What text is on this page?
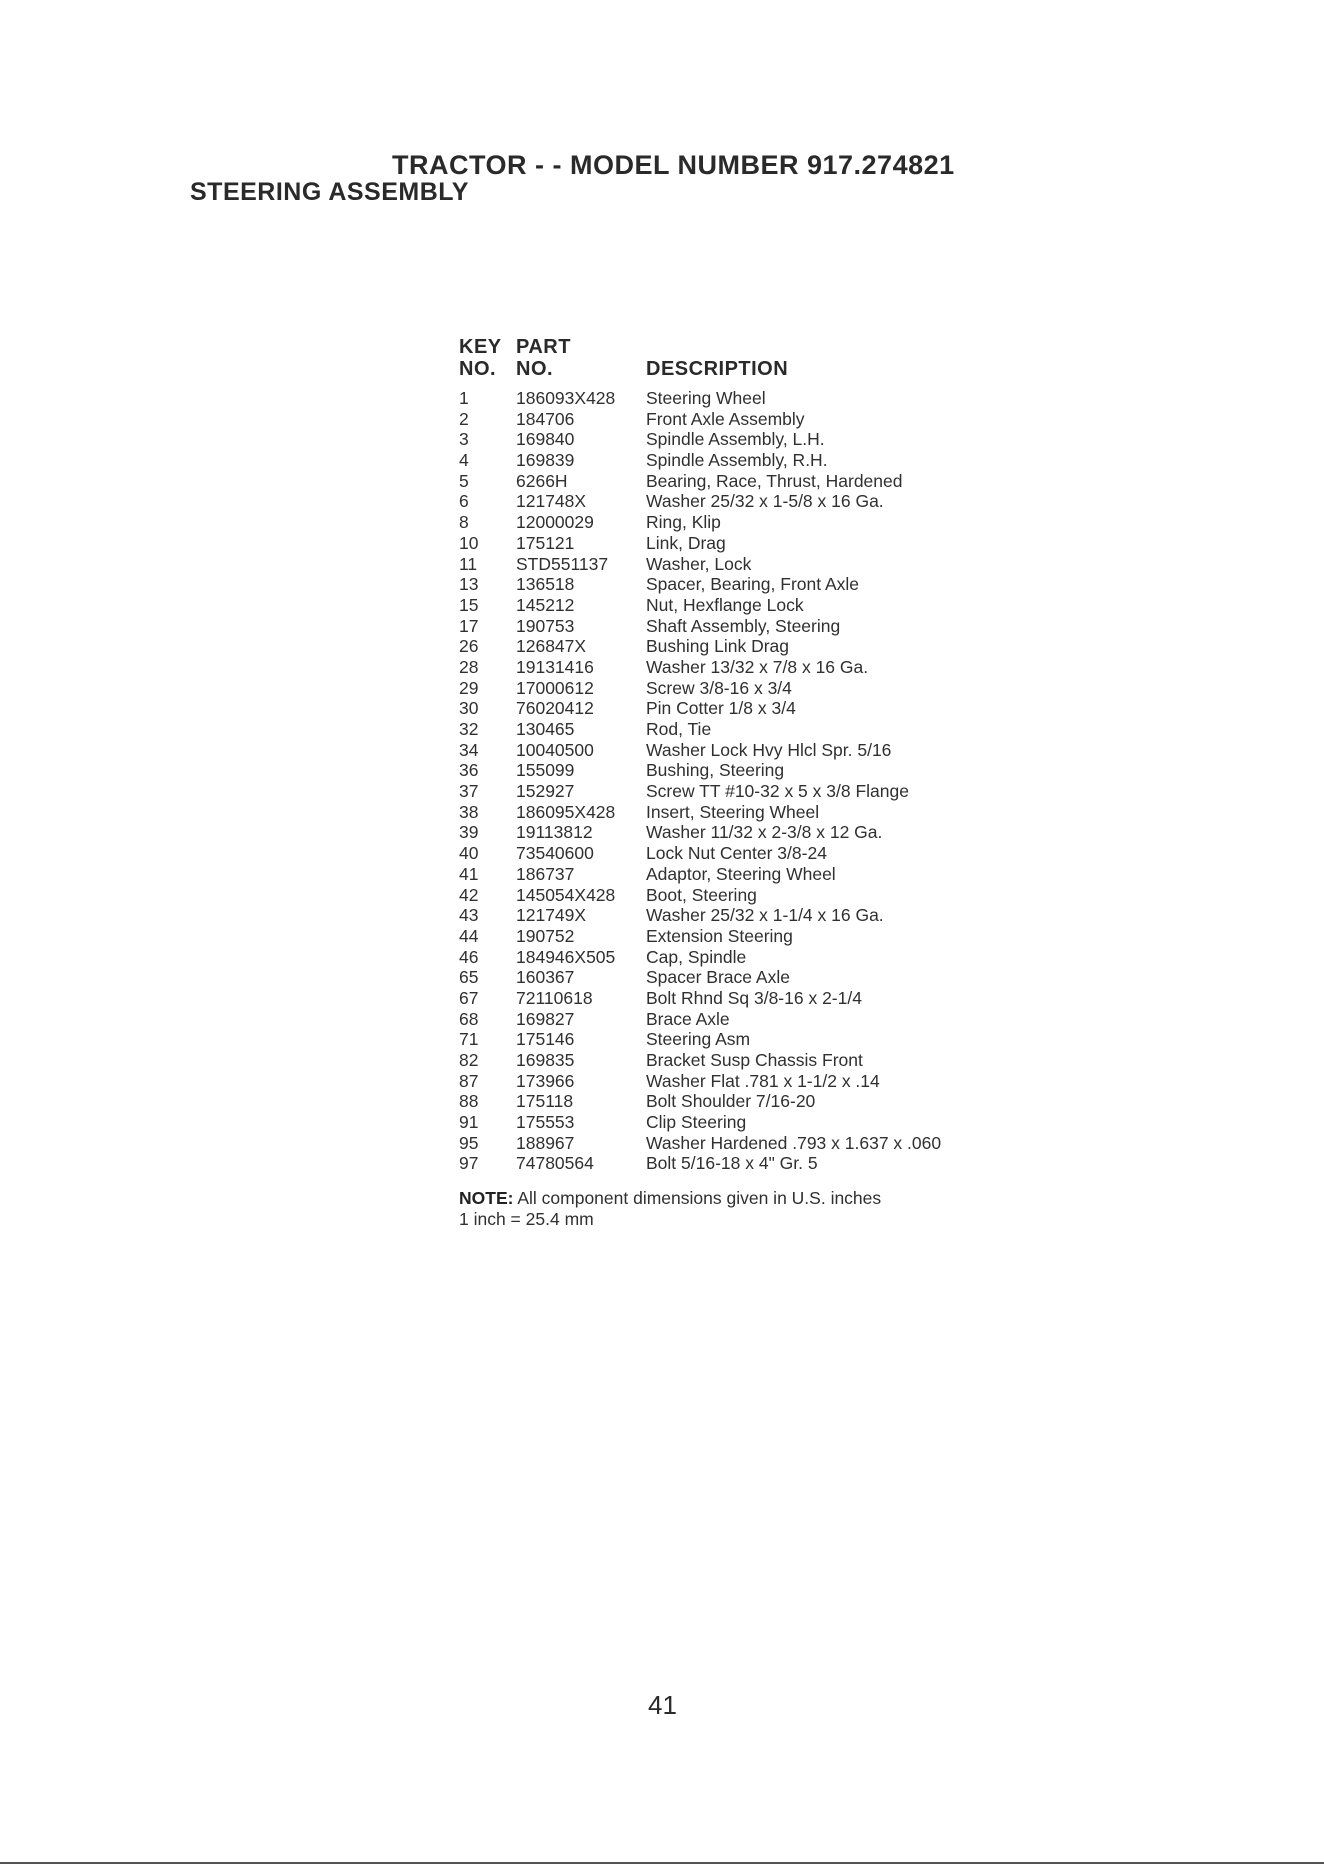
TRACTOR - - MODEL NUMBER 917.274821
STEERING ASSEMBLY
KEY PART
NO. NO.	DESCRIPTION
1	186093X428	Steering Wheel
2	184706	Front Axle Assembly
3	169840	Spindle Assembly, L.H.
4	169839	Spindle Assembly, R.H.
5	6266H	Bearing, Race, Thrust, Hardened
6	121748X	Washer 25/32 x 1-5/8 x 16 Ga.
8	12000029	Ring, Klip
10	175121	Link, Drag
11	STD551137	Washer, Lock
13	136518	Spacer, Bearing, Front Axle
15	145212	Nut, Hexflange Lock
17	190753	Shaft Assembly, Steering
26	126847X	Bushing Link Drag
28	19131416	Washer 13/32 x 7/8 x 16 Ga.
29	17000612	Screw 3/8-16 x 3/4
30	76020412	Pin Cotter 1/8 x 3/4
32	130465	Rod, Tie
34	10040500	Washer Lock Hvy Hlcl Spr. 5/16
36	155099	Bushing, Steering
37	152927	Screw TT #10-32 x 5 x 3/8 Flange
38	186095X428	Insert, Steering Wheel
39	19113812	Washer 11/32 x 2-3/8 x 12 Ga.
40	73540600	Lock Nut Center 3/8-24
41	186737	Adaptor, Steering Wheel
42	145054X428	Boot, Steering
43	121749X	Washer 25/32 x 1-1/4 x 16 Ga.
44	190752	Extension Steering
46	184946X505	Cap, Spindle
65	160367	Spacer Brace Axle
67	72110618	Bolt Rhnd Sq 3/8-16 x 2-1/4
68	169827	Brace Axle
71	175146	Steering Asm
82	169835	Bracket Susp Chassis Front
87	173966	Washer Flat .781 x 1-1/2 x .14
88	175118	Bolt Shoulder 7/16-20
91	175553	Clip Steering
95	188967	Washer Hardened .793 x 1.637 x .060
97	74780564	Bolt 5/16-18 x 4" Gr. 5
NOTE: All component dimensions given in U.S. inches
1 inch = 25.4 mm
41
